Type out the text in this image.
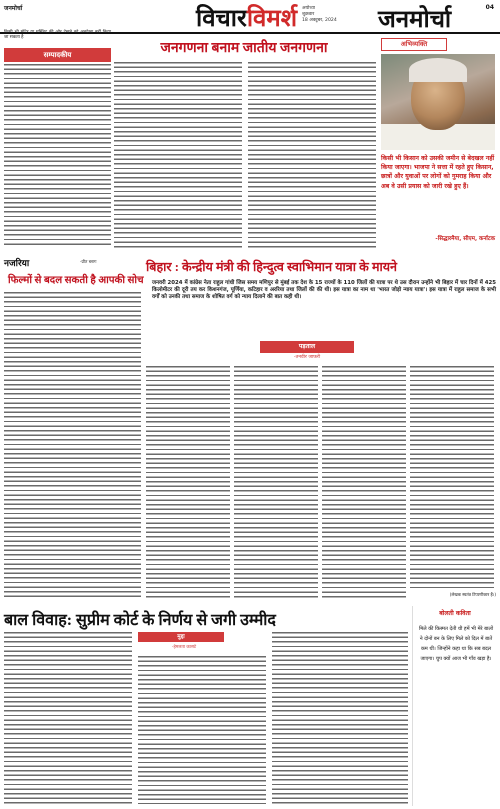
जनमोर्चा	विचारविमर्श अयोध्या
शुक्रवार
18 अक्टूबर, 2024 जनमोर्चा	04
किसी भी मंदिर या मस्जिद की ओर देखने को अनदेखा नहीं किया जा सकता है
सम्पादकीय	जनगणना बनाम जातीय जनगणना	अभिव्यक्ति
किसी भी किसान को उसकी जमीन से बेदखल नहीं किया जाएगा। भाजपा ने सत्ता में रहते हुए किसान, छात्रों और युवाओं पर लोगों को गुमराह किया और अब वे उसी प्रयास को जारी रखे हुए हैं।
-सिद्धारमैया, सीएम, कर्नाटक
नजरिया	-प्रीत ब्लाग
फिल्मों से बदल सकती है आपकी सोच
बिहार : केन्द्रीय मंत्री की हिन्दुत्व स्वाभिमान यात्रा के मायने
जनवरी 2024 में कांग्रेस नेता राहुल गांधी जिस समय मणिपुर से मुंबई तक देश के 15 राज्यों के 110 जिलों की यात्रा पर थे उस दौरान उन्होंने भी बिहार में चार दिनों में 425 किलोमीटर की दूरी तय कर किशनगंज, पूर्णिया, कटिहार व अररिया तथा जिलों की की थी। इस यात्रा का नाम था 'भारत जोड़ो न्याय यात्रा'। इस यात्रा में राहुल समाज के सभी वर्गों को उनकी तथा समाज के शोषित वर्ग को न्याय दिलाने की बात कही थी।
पड़ताल
-तनवीर जाफ़री
(लेखक स्वतंत्र टिप्पणीकार हैं।)
बाल विवाह: सुप्रीम कोर्ट के निर्णय से जगी उम्मीद
मुद्दा
-हेमलता कासटे
बोलती कविता
मिले की किस्मत देती थी हमें भी मेरे बालों ने दोनों बन के लिए मिले को दिल में बातें कम थीं। जिन्होंने कहा था कि सब बदल जाएगा। चुप क्यों आज भी गाँव खड़ा है।
